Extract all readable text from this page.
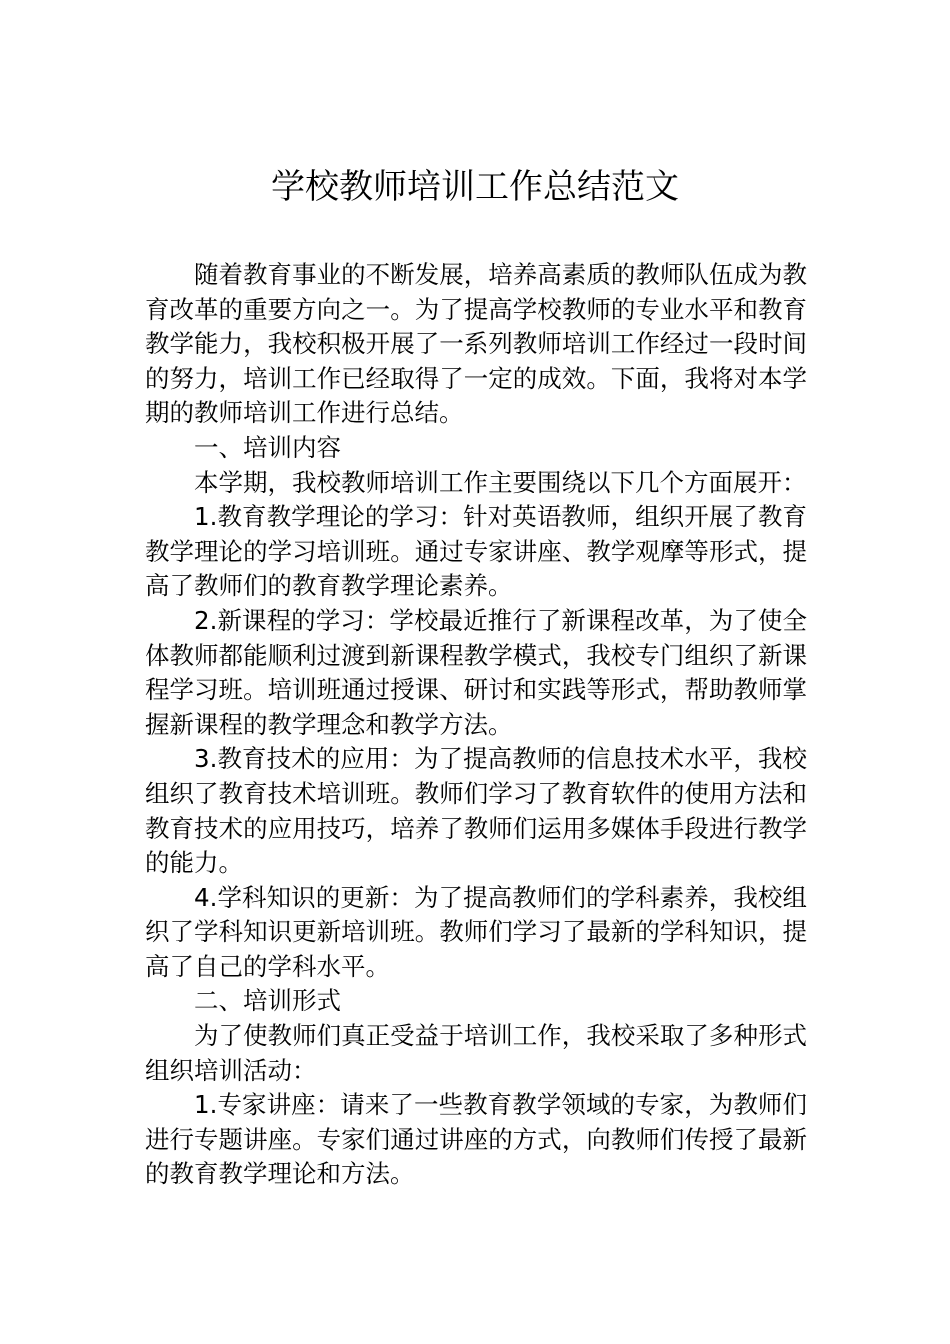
学校教师培训工作总结范文

随着教育事业的不断发展，培养高素质的教师队伍成为教育改革的重要方向之一。为了提高学校教师的专业水平和教育教学能力，我校积极开展了一系列教师培训工作经过一段时间的努力，培训工作已经取得了一定的成效。下面，我将对本学期的教师培训工作进行总结。

一、培训内容

本学期，我校教师培训工作主要围绕以下几个方面展开：

1.教育教学理论的学习：针对英语教师，组织开展了教育教学理论的学习培训班。通过专家讲座、教学观摩等形式，提高了教师们的教育教学理论素养。

2.新课程的学习：学校最近推行了新课程改革，为了使全体教师都能顺利过渡到新课程教学模式，我校专门组织了新课程学习班。培训班通过授课、研讨和实践等形式，帮助教师掌握新课程的教学理念和教学方法。

3.教育技术的应用：为了提高教师的信息技术水平，我校组织了教育技术培训班。教师们学习了教育软件的使用方法和教育技术的应用技巧，培养了教师们运用多媒体手段进行教学的能力。

4.学科知识的更新：为了提高教师们的学科素养，我校组织了学科知识更新培训班。教师们学习了最新的学科知识，提高了自己的学科水平。

二、培训形式

为了使教师们真正受益于培训工作，我校采取了多种形式组织培训活动：

1.专家讲座：请来了一些教育教学领域的专家，为教师们进行专题讲座。专家们通过讲座的方式，向教师们传授了最新的教育教学理论和方法。
